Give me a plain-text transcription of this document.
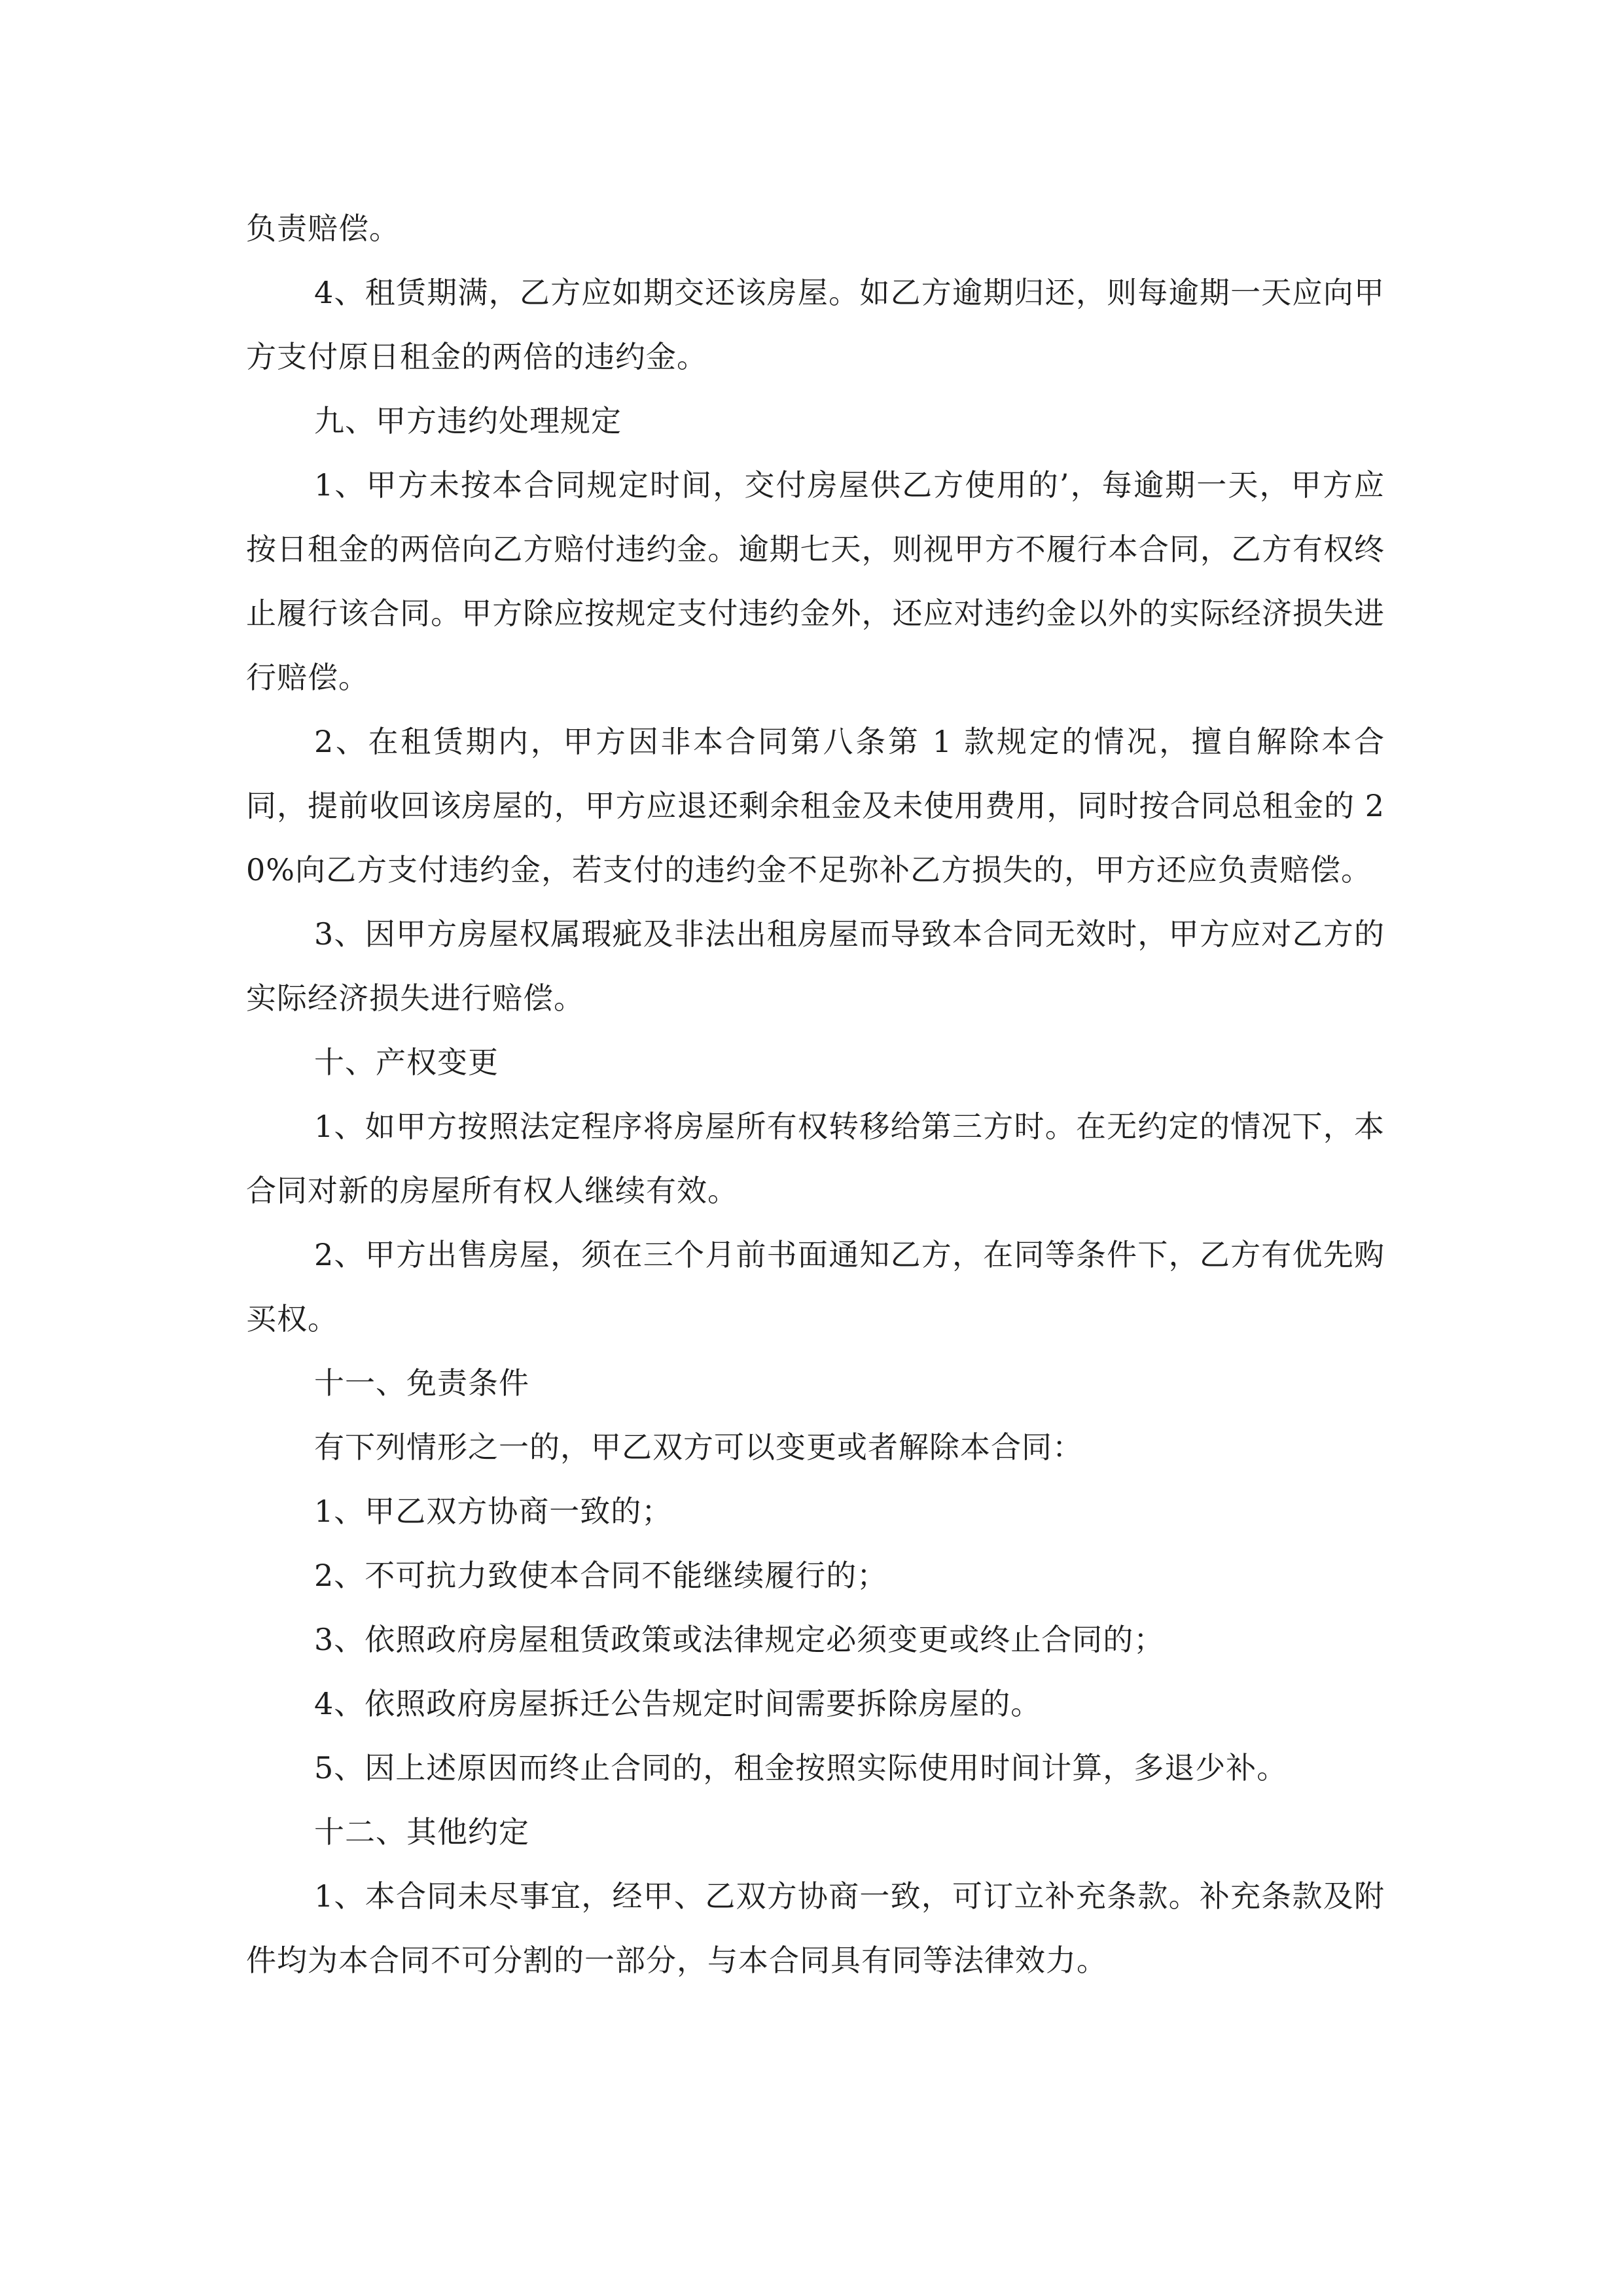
负责赔偿。

4、租赁期满，乙方应如期交还该房屋。如乙方逾期归还，则每逾期一天应向甲方支付原日租金的两倍的违约金。

九、甲方违约处理规定

1、甲方未按本合同规定时间，交付房屋供乙方使用的’，每逾期一天，甲方应按日租金的两倍向乙方赔付违约金。逾期七天，则视甲方不履行本合同，乙方有权终止履行该合同。甲方除应按规定支付违约金外，还应对违约金以外的实际经济损失进行赔偿。

2、在租赁期内，甲方因非本合同第八条第 1 款规定的情况，擅自解除本合同，提前收回该房屋的，甲方应退还剩余租金及未使用费用，同时按合同总租金的 20%向乙方支付违约金，若支付的违约金不足弥补乙方损失的，甲方还应负责赔偿。

3、因甲方房屋权属瑕疵及非法出租房屋而导致本合同无效时，甲方应对乙方的实际经济损失进行赔偿。

十、产权变更

1、如甲方按照法定程序将房屋所有权转移给第三方时。在无约定的情况下，本合同对新的房屋所有权人继续有效。

2、甲方出售房屋，须在三个月前书面通知乙方，在同等条件下，乙方有优先购买权。

十一、免责条件

有下列情形之一的，甲乙双方可以变更或者解除本合同：

1、甲乙双方协商一致的；

2、不可抗力致使本合同不能继续履行的；

3、依照政府房屋租赁政策或法律规定必须变更或终止合同的；

4、依照政府房屋拆迁公告规定时间需要拆除房屋的。

5、因上述原因而终止合同的，租金按照实际使用时间计算，多退少补。

十二、其他约定

1、本合同未尽事宜，经甲、乙双方协商一致，可订立补充条款。补充条款及附件均为本合同不可分割的一部分，与本合同具有同等法律效力。
